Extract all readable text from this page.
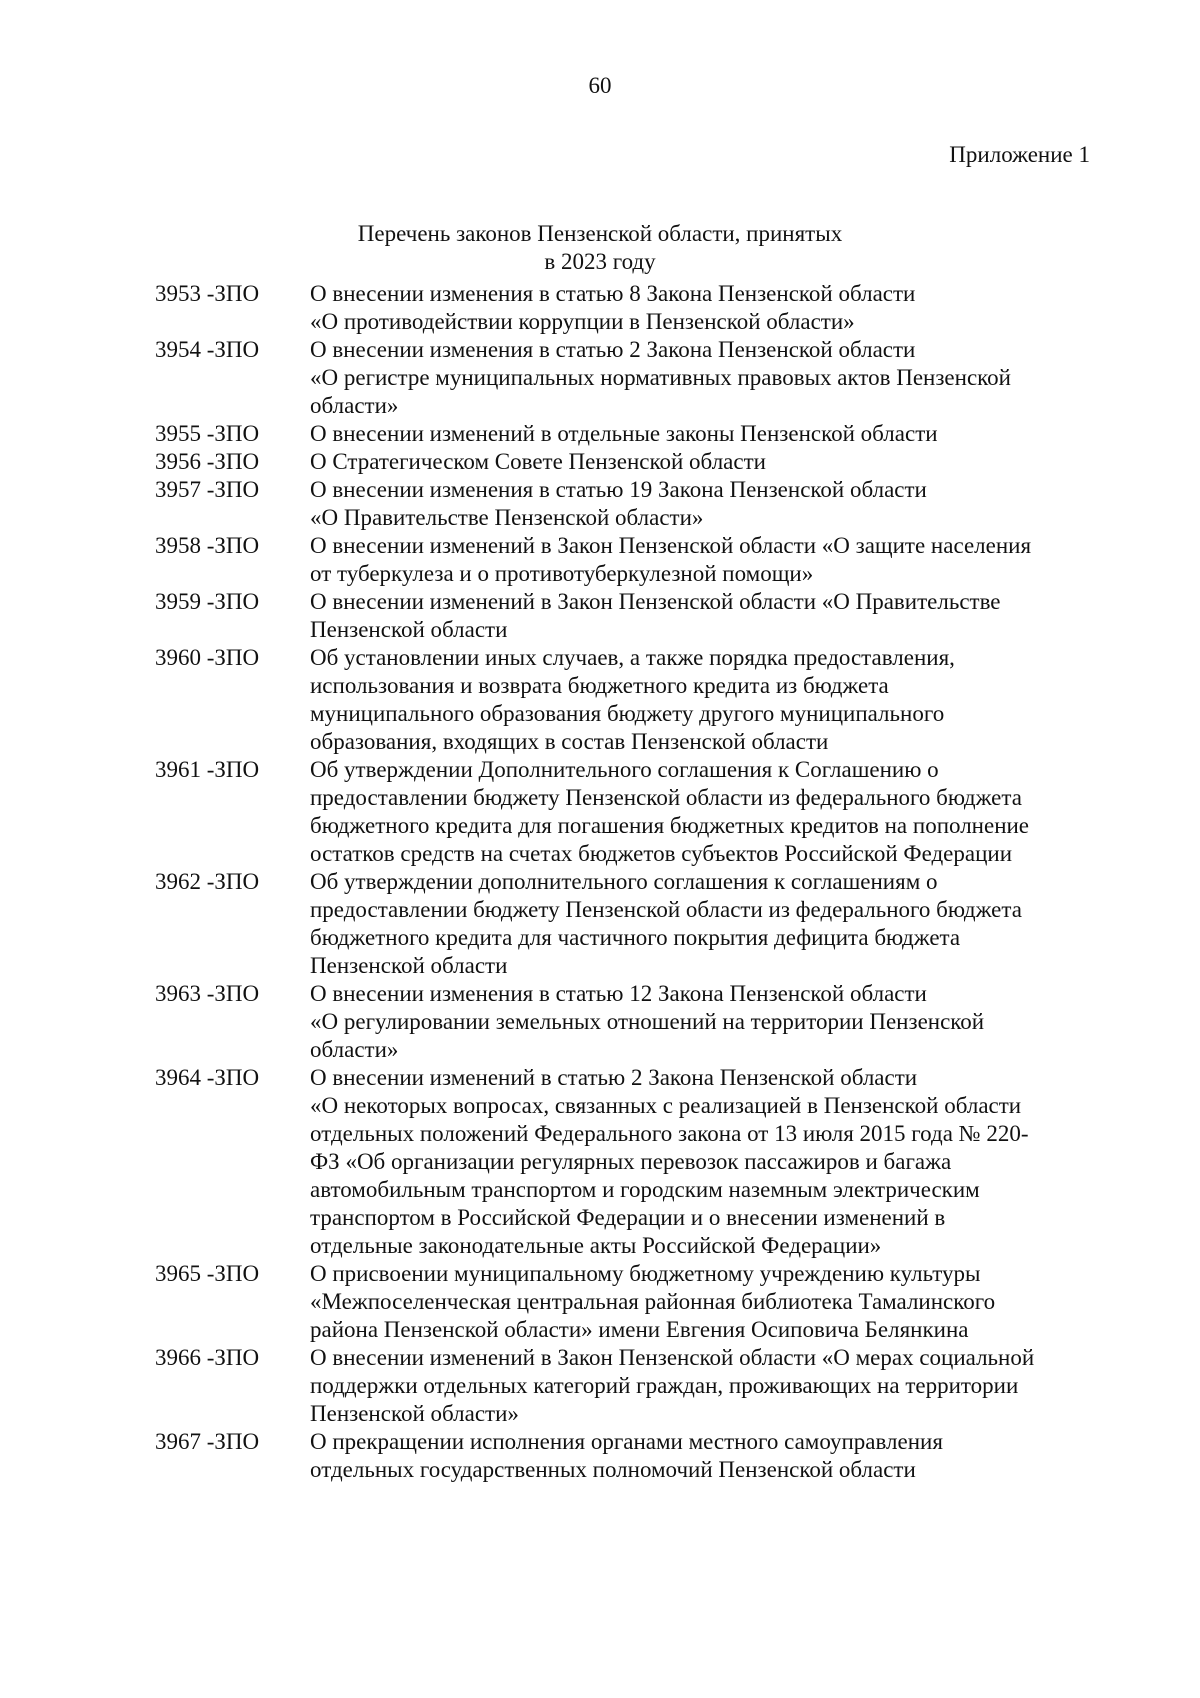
60
Приложение 1
Перечень законов Пензенской области, принятых
в 2023 году
3953 -ЗПО	О внесении изменения в статью 8 Закона Пензенской области
«О противодействии коррупции в Пензенской области»
3954 -ЗПО	О внесении изменения в статью 2 Закона Пензенской области
«О регистре муниципальных нормативных правовых актов Пензенской
области»
3955 -ЗПО	О внесении изменений в отдельные законы Пензенской области
3956 -ЗПО	О Стратегическом Совете Пензенской области
3957 -ЗПО	О внесении изменения в статью 19 Закона Пензенской области
«О Правительстве Пензенской области»
3958 -ЗПО	О внесении изменений в Закон Пензенской области «О защите населения
от туберкулеза и о противотуберкулезной помощи»
3959 -ЗПО	О внесении изменений в Закон Пензенской области «О Правительстве
Пензенской области
3960 -ЗПО	Об установлении иных случаев, а также порядка предоставления,
использования и возврата бюджетного кредита из бюджета
муниципального образования бюджету другого муниципального
образования, входящих в состав Пензенской области
3961 -ЗПО	Об утверждении Дополнительного соглашения к Соглашению о
предоставлении бюджету Пензенской области из федерального бюджета
бюджетного кредита для погашения бюджетных кредитов на пополнение
остатков средств на счетах бюджетов субъектов Российской Федерации
3962 -ЗПО	Об утверждении дополнительного соглашения к соглашениям о
предоставлении бюджету Пензенской области из федерального бюджета
бюджетного кредита для частичного покрытия дефицита бюджета
Пензенской области
3963 -ЗПО	О внесении изменения в статью 12 Закона Пензенской области
«О регулировании земельных отношений на территории Пензенской
области»
3964 -ЗПО	О внесении изменений в статью 2 Закона Пензенской области
«О некоторых вопросах, связанных с реализацией в Пензенской области
отдельных положений Федерального закона от 13 июля 2015 года № 220-
ФЗ «Об организации регулярных перевозок пассажиров и багажа
автомобильным транспортом и городским наземным электрическим
транспортом в Российской Федерации и о внесении изменений в
отдельные законодательные акты Российской Федерации»
3965 -ЗПО	О присвоении муниципальному бюджетному учреждению культуры
«Межпоселенческая центральная районная библиотека Тамалинского
района Пензенской области» имени Евгения Осиповича Белянкина
3966 -ЗПО	О внесении изменений в Закон Пензенской области «О мерах социальной
поддержки отдельных категорий граждан, проживающих на территории
Пензенской области»
3967 -ЗПО	О прекращении исполнения органами местного самоуправления
отдельных государственных полномочий Пензенской области
